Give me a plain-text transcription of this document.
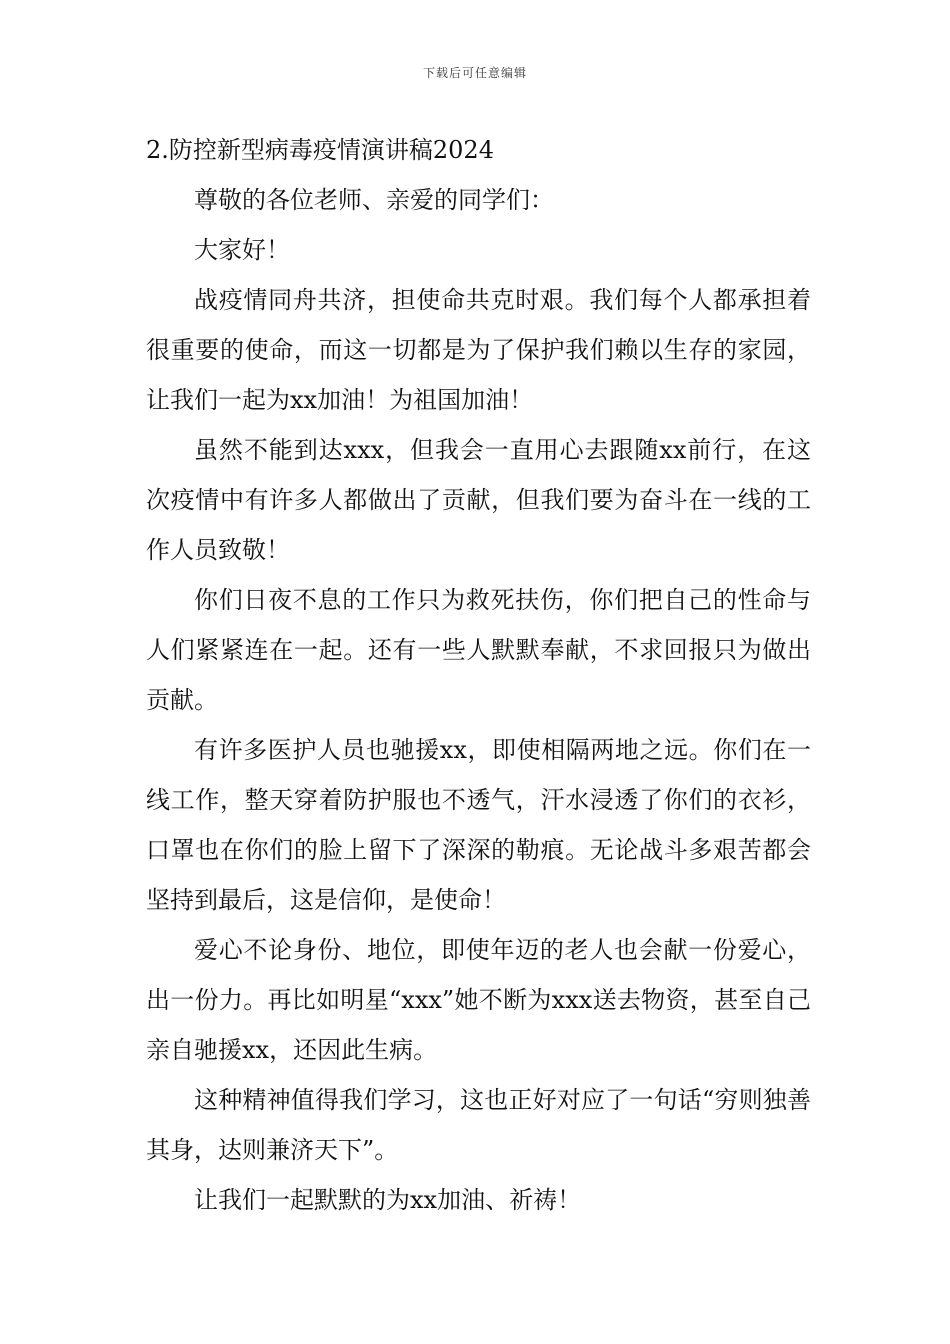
下载后可任意编辑

2.防控新型病毒疫情演讲稿2024

尊敬的各位老师、亲爱的同学们：

大家好！

战疫情同舟共济，担使命共克时艰。我们每个人都承担着很重要的使命，而这一切都是为了保护我们赖以生存的家园，让我们一起为xx加油！为祖国加油！

虽然不能到达xxx，但我会一直用心去跟随xx前行，在这次疫情中有许多人都做出了贡献，但我们要为奋斗在一线的工作人员致敬！

你们日夜不息的工作只为救死扶伤，你们把自己的性命与人们紧紧连在一起。还有一些人默默奉献，不求回报只为做出贡献。

有许多医护人员也驰援xx，即使相隔两地之远。你们在一线工作，整天穿着防护服也不透气，汗水浸透了你们的衣衫，口罩也在你们的脸上留下了深深的勒痕。无论战斗多艰苦都会坚持到最后，这是信仰，是使命！

爱心不论身份、地位，即使年迈的老人也会献一份爱心，出一份力。再比如明星“xxx”她不断为xxx送去物资，甚至自己亲自驰援xx，还因此生病。

这种精神值得我们学习，这也正好对应了一句话“穷则独善其身，达则兼济天下”。

让我们一起默默的为xx加油、祈祷！
